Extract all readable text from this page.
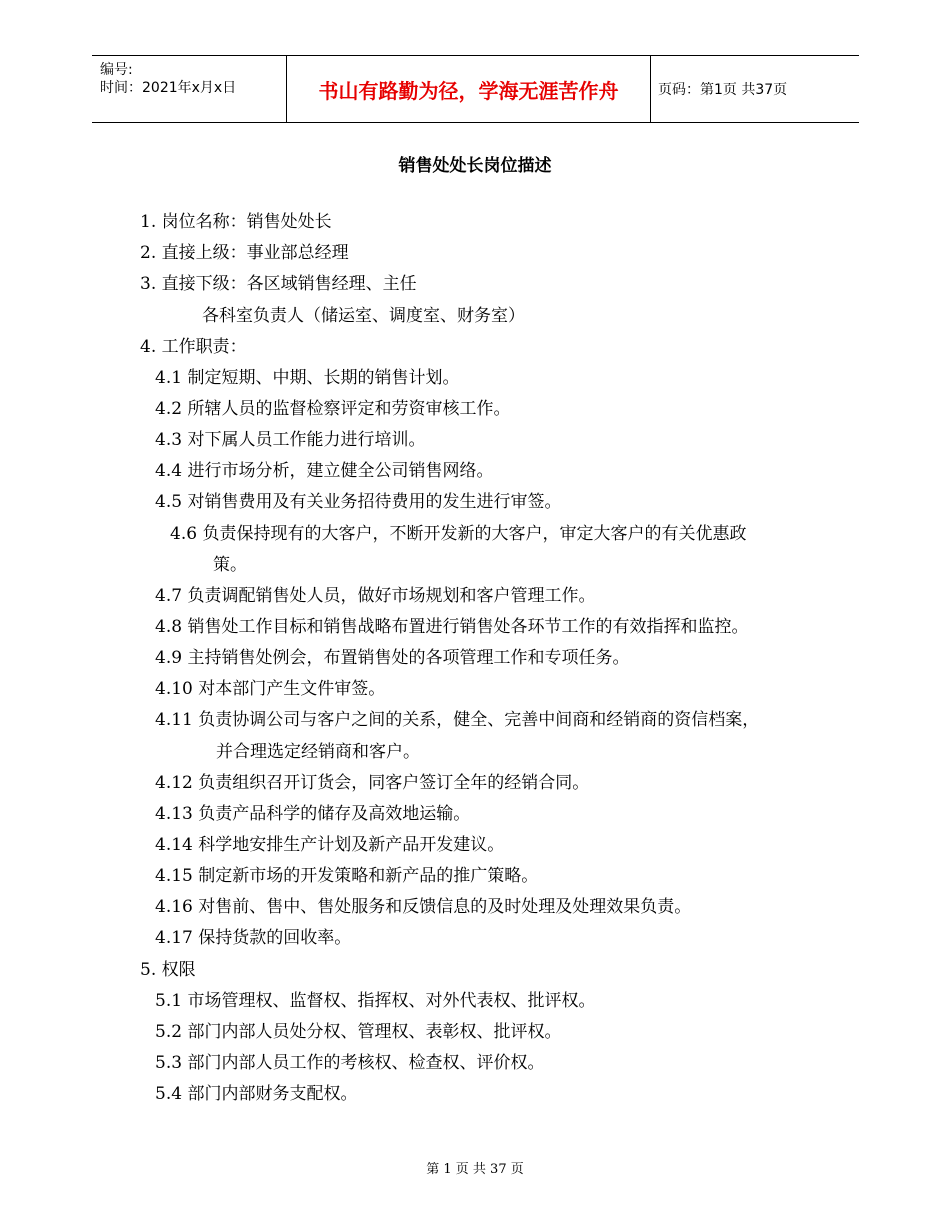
编号:
时间：2021年x月x日	书山有路勤为径，学海无涯苦作舟	页码：第1页 共37页
销售处处长岗位描述
1. 岗位名称：销售处处长
2. 直接上级：事业部总经理
3. 直接下级：各区域销售经理、主任
各科室负责人（储运室、调度室、财务室）
4. 工作职责：
4.1 制定短期、中期、长期的销售计划。
4.2 所辖人员的监督检察评定和劳资审核工作。
4.3 对下属人员工作能力进行培训。
4.4 进行市场分析，建立健全公司销售网络。
4.5 对销售费用及有关业务招待费用的发生进行审签。
4.6 负责保持现有的大客户，不断开发新的大客户，审定大客户的有关优惠政
策。
4.7 负责调配销售处人员，做好市场规划和客户管理工作。
4.8 销售处工作目标和销售战略布置进行销售处各环节工作的有效指挥和监控。
4.9 主持销售处例会，布置销售处的各项管理工作和专项任务。
4.10 对本部门产生文件审签。
4.11 负责协调公司与客户之间的关系，健全、完善中间商和经销商的资信档案，
并合理选定经销商和客户。
4.12 负责组织召开订货会，同客户签订全年的经销合同。
4.13 负责产品科学的储存及高效地运输。
4.14 科学地安排生产计划及新产品开发建议。
4.15 制定新市场的开发策略和新产品的推广策略。
4.16 对售前、售中、售处服务和反馈信息的及时处理及处理效果负责。
4.17 保持货款的回收率。
5. 权限
5.1 市场管理权、监督权、指挥权、对外代表权、批评权。
5.2 部门内部人员处分权、管理权、表彰权、批评权。
5.3 部门内部人员工作的考核权、检查权、评价权。
5.4 部门内部财务支配权。
第 1 页 共 37 页
